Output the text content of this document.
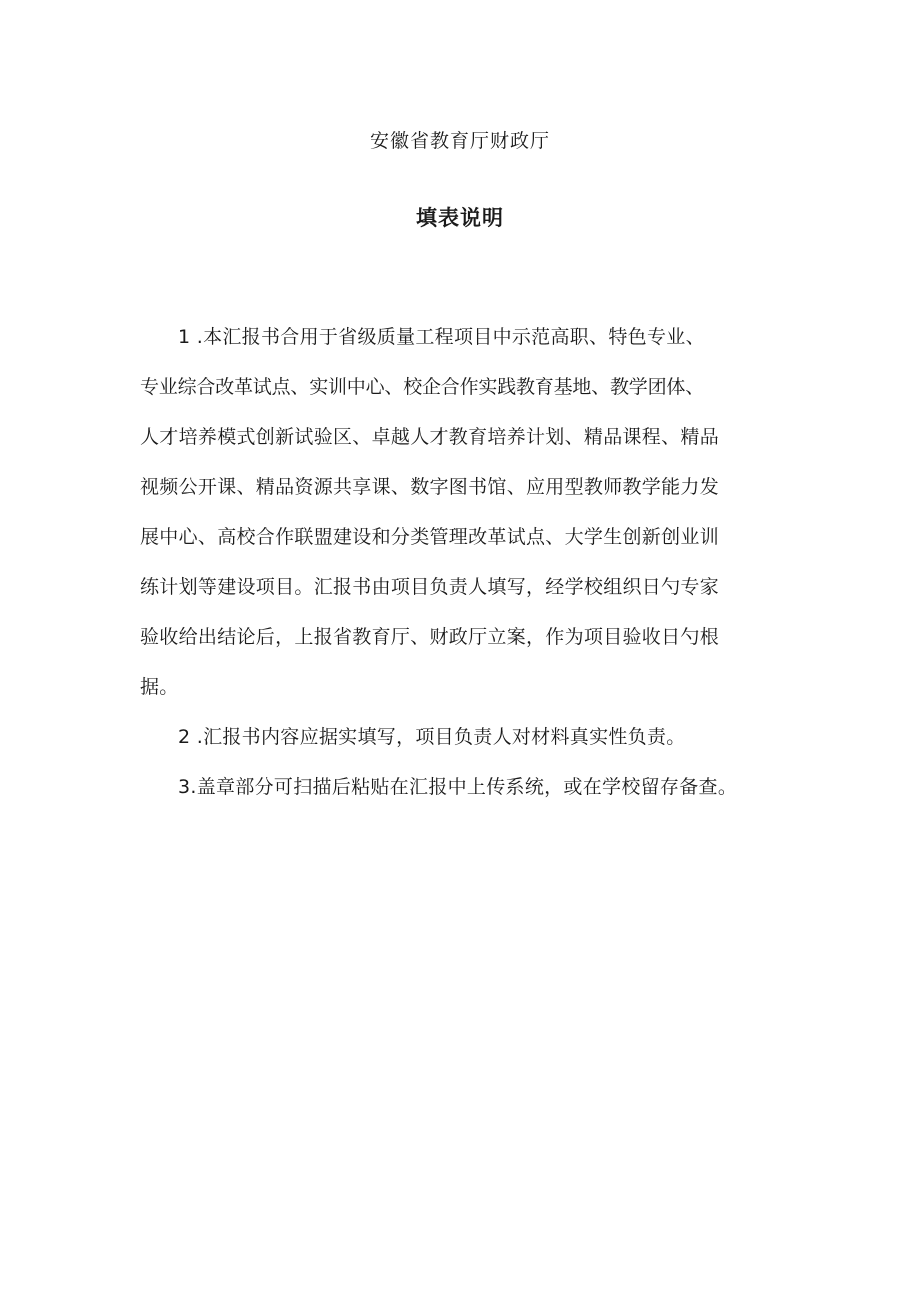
安徽省教育厅财政厅
填表说明
1 .本汇报书合用于省级质量工程项目中示范高职、特色专业、
专业综合改革试点、实训中心、校企合作实践教育基地、教学团体、
人才培养模式创新试验区、卓越人才教育培养计划、精品课程、精品
视频公开课、精品资源共享课、数字图书馆、应用型教师教学能力发
展中心、高校合作联盟建设和分类管理改革试点、大学生创新创业训
练计划等建设项目。汇报书由项目负责人填写，经学校组织日勺专家
验收给出结论后，上报省教育厅、财政厅立案，作为项目验收日勺根
据。
2 .汇报书内容应据实填写，项目负责人对材料真实性负责。
3.盖章部分可扫描后粘贴在汇报中上传系统，或在学校留存备查。
